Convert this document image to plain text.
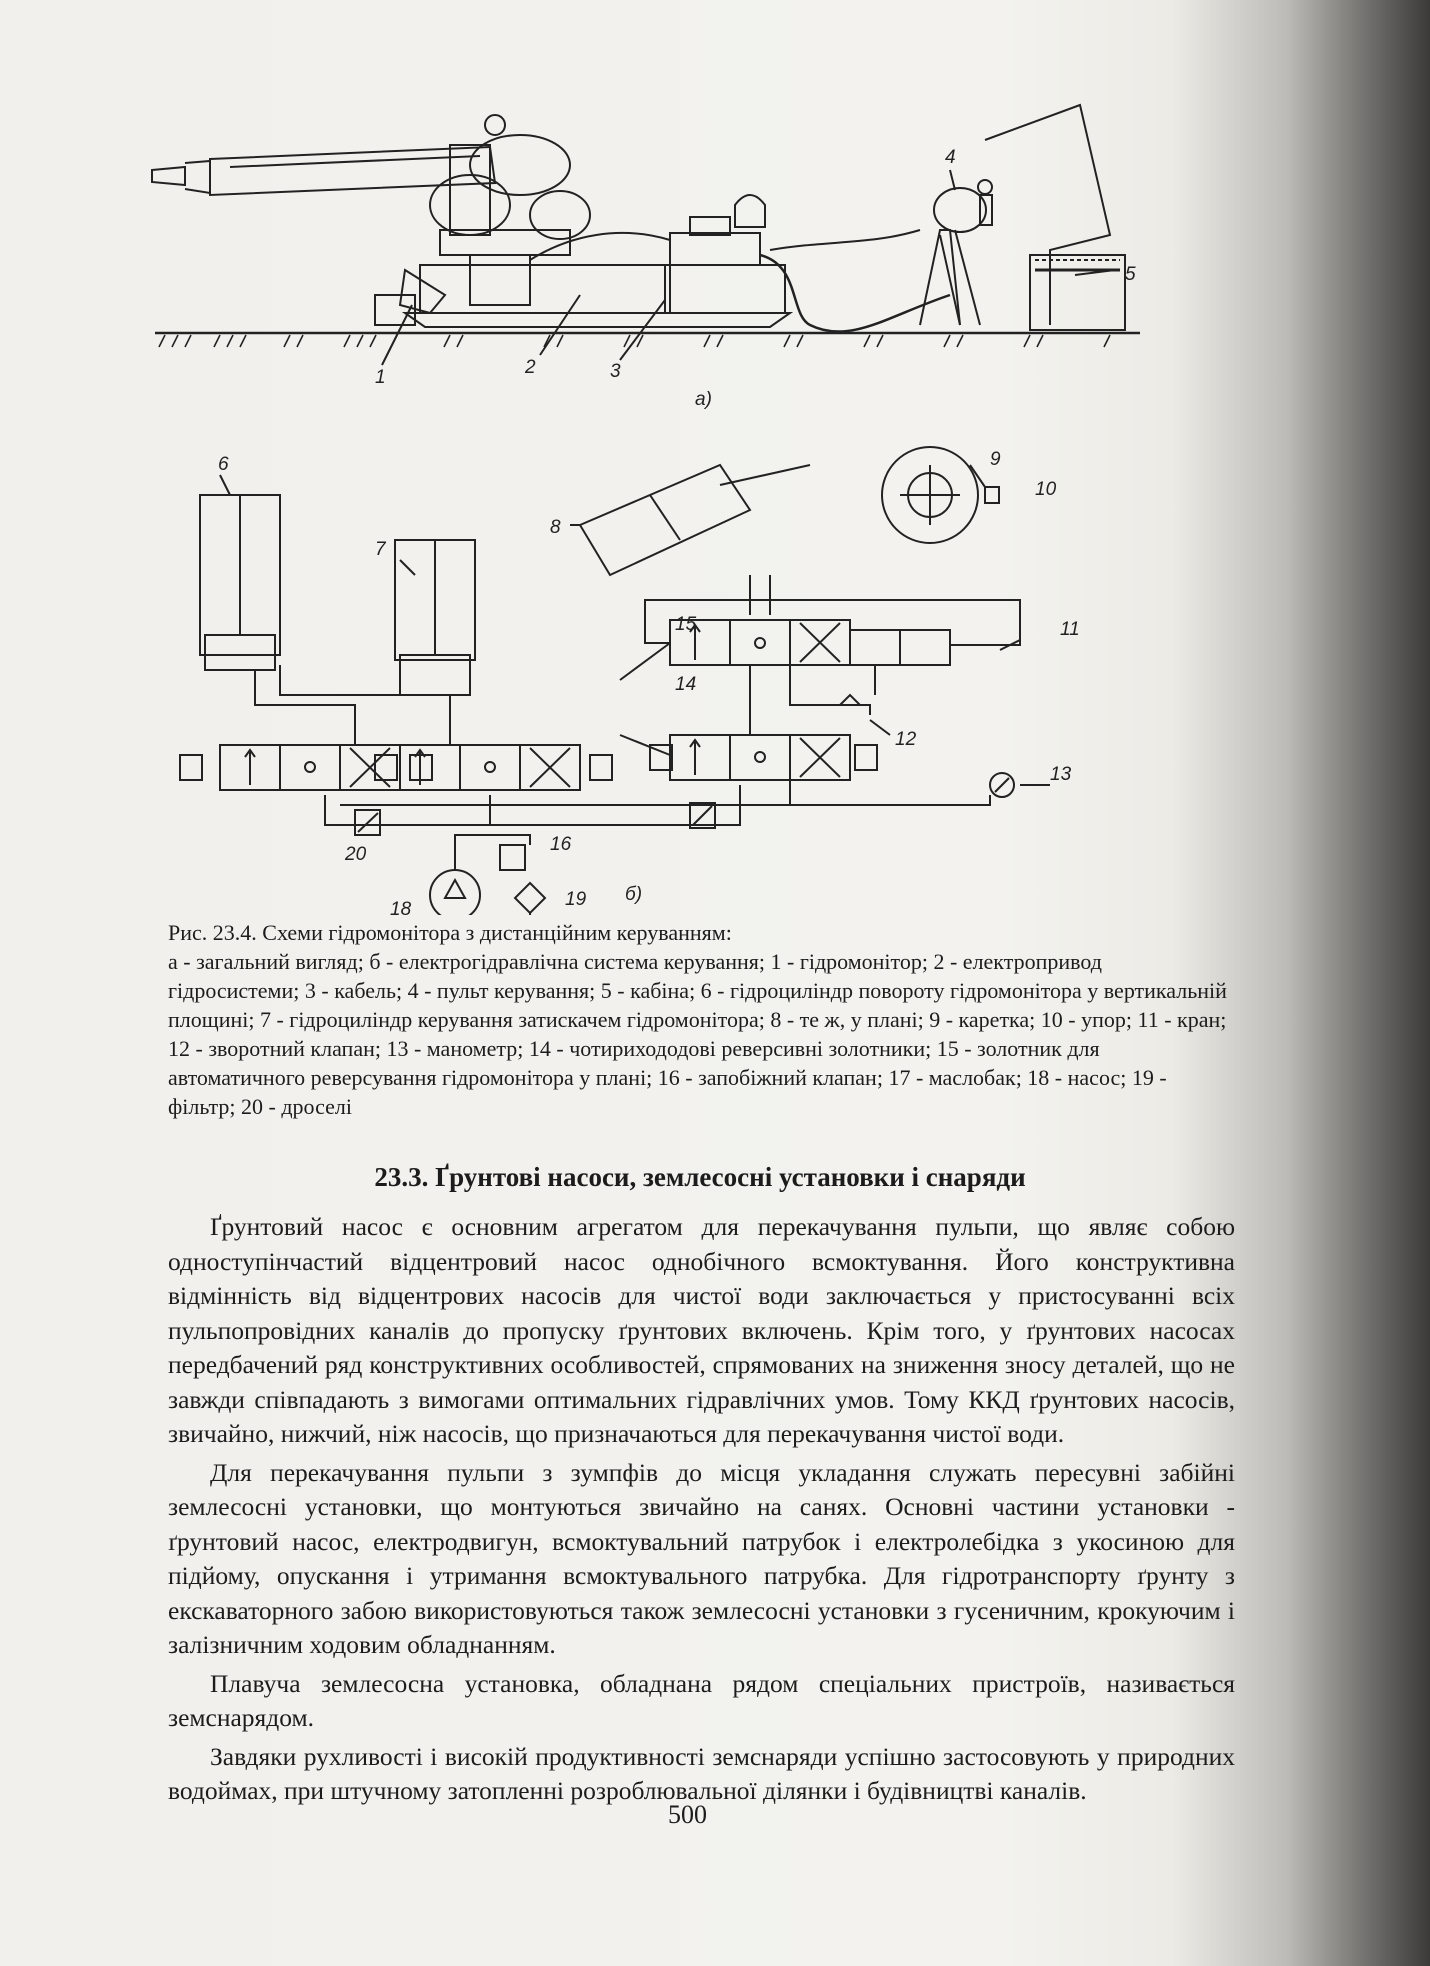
1	2	3
4
5
а)
6
7
8
9
10
11
12
13
14
15
16
18	19
20
б)
Рис. 23.4. Схеми гідромонітора з дистанційним керуванням:
а - загальний вигляд; б - електрогідравлічна система керування; 1 - гідромонітор; 2 - електропривод гідросистеми; 3 - кабель; 4 - пульт керування; 5 - кабіна; 6 - гідроциліндр повороту гідромонітора у вертикальній площині; 7 - гідроциліндр керування затискачем гідромонітора; 8 - те ж, у плані; 9 - каретка; 10 - упор; 11 - кран; 12 - зворотний клапан; 13 - манометр; 14 - чотирихододові реверсивні золотники; 15 - золотник для автоматичного реверсування гідромонітора у плані; 16 - запобіжний клапан; 17 - маслобак; 18 - насос; 19 - фільтр; 20 - дроселі
23.3. Ґрунтові насоси, землесосні установки і снаряди

Ґрунтовий насос є основним агрегатом для перекачування пульпи, що являє собою одноступінчастий відцентровий насос однобічного всмоктування. Його конструктивна відмінність від відцентрових насосів для чистої води заключається у пристосуванні всіх пульпопровідних каналів до пропуску ґрунтових включень. Крім того, у ґрунтових насосах передбачений ряд конструктивних особливостей, спрямованих на зниження зносу деталей, що не завжди співпадають з вимогами оптимальних гідравлічних умов. Тому ККД ґрунтових насосів, звичайно, нижчий, ніж насосів, що призначаються для перекачування чистої води.

Для перекачування пульпи з зумпфів до місця укладання служать пересувні забійні землесосні установки, що монтуються звичайно на санях. Основні частини установки - ґрунтовий насос, електродвигун, всмоктувальний патрубок і електролебідка з укосиною для підйому, опускання і утримання всмоктувального патрубка. Для гідротранспорту ґрунту з екскаваторного забою використовуються також землесосні установки з гусеничним, крокуючим і залізничним ходовим обладнанням.

Плавуча землесосна установка, обладнана рядом спеціальних пристроїв, називається земснарядом.

Завдяки рухливості і високій продуктивності земснаряди успішно застосовують у природних водоймах, при штучному затопленні розроблювальної ділянки і будівництві каналів.

500
